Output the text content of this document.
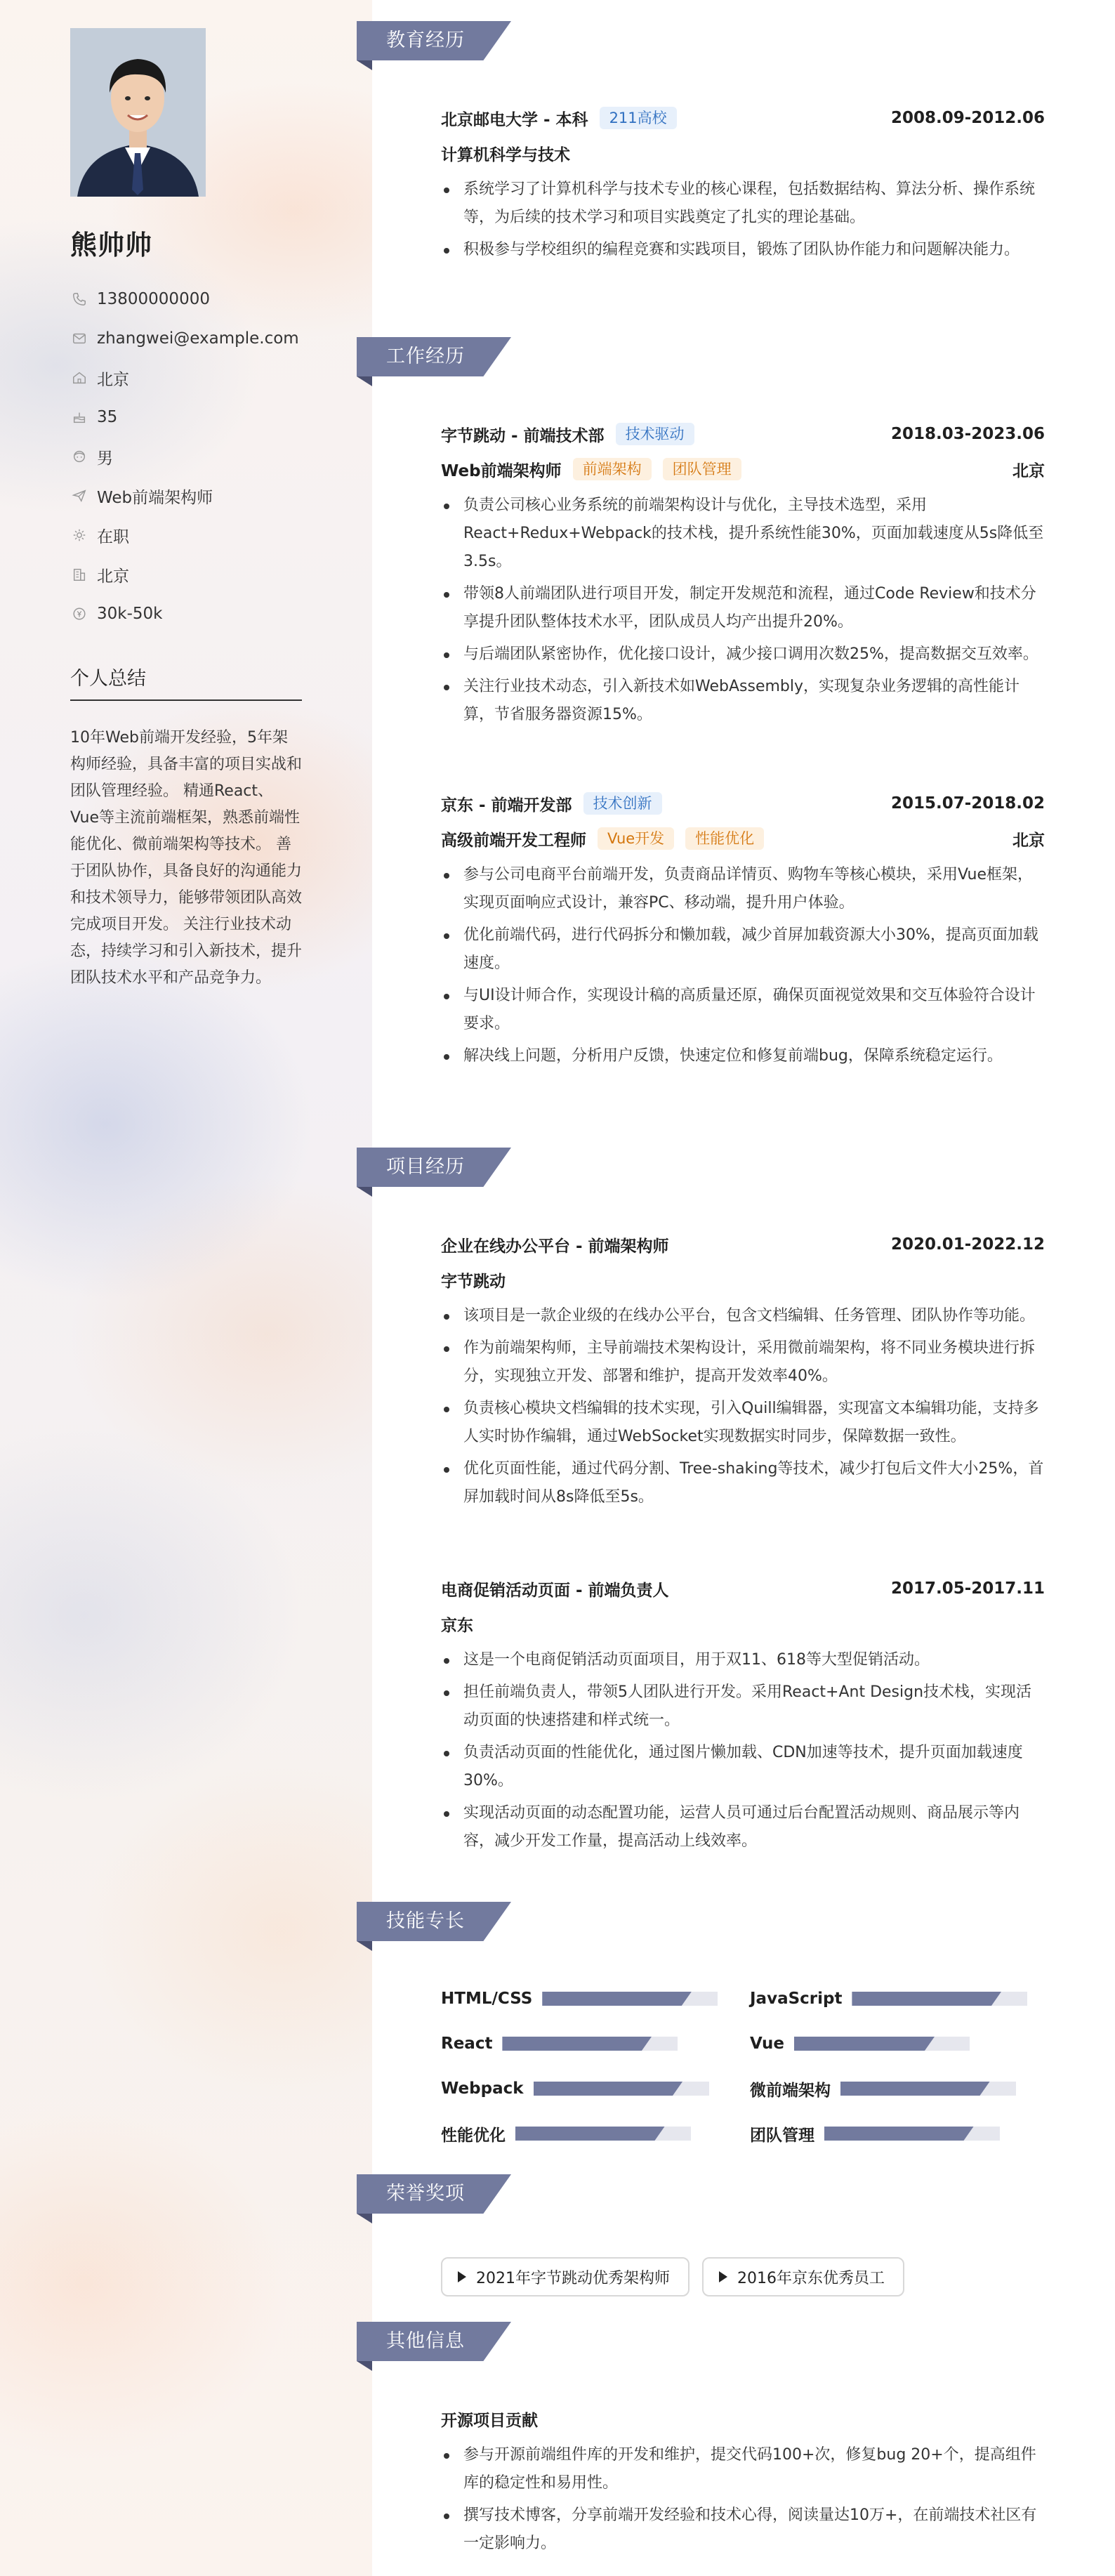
熊帅帅
13800000000
zhangwei@example.com
北京
35
男
Web前端架构师
在职
北京
30k-50k
个人总结
10年Web前端开发经验，5年架构师经验，具备丰富的项目实战和团队管理经验。 精通React、Vue等主流前端框架，熟悉前端性能优化、微前端架构等技术。 善于团队协作，具备良好的沟通能力和技术领导力，能够带领团队高效完成项目开发。 关注行业技术动态，持续学习和引入新技术，提升团队技术水平和产品竞争力。
教育经历
北京邮电大学 - 本科	211高校	2008.09-2012.06
计算机科学与技术
系统学习了计算机科学与技术专业的核心课程，包括数据结构、算法分析、操作系统等，为后续的技术学习和项目实践奠定了扎实的理论基础。
积极参与学校组织的编程竞赛和实践项目，锻炼了团队协作能力和问题解决能力。
工作经历
字节跳动 - 前端技术部	技术驱动	2018.03-2023.06
Web前端架构师	前端架构	团队管理	北京
负责公司核心业务系统的前端架构设计与优化，主导技术选型，采用React+Redux+Webpack的技术栈，提升系统性能30%，页面加载速度从5s降低至3.5s。
带领8人前端团队进行项目开发，制定开发规范和流程，通过Code Review和技术分享提升团队整体技术水平，团队成员人均产出提升20%。
与后端团队紧密协作，优化接口设计，减少接口调用次数25%，提高数据交互效率。
关注行业技术动态，引入新技术如WebAssembly，实现复杂业务逻辑的高性能计算，节省服务器资源15%。
京东 - 前端开发部	技术创新	2015.07-2018.02
高级前端开发工程师	Vue开发	性能优化	北京
参与公司电商平台前端开发，负责商品详情页、购物车等核心模块，采用Vue框架，实现页面响应式设计，兼容PC、移动端，提升用户体验。
优化前端代码，进行代码拆分和懒加载，减少首屏加载资源大小30%，提高页面加载速度。
与UI设计师合作，实现设计稿的高质量还原，确保页面视觉效果和交互体验符合设计要求。
解决线上问题，分析用户反馈，快速定位和修复前端bug，保障系统稳定运行。
项目经历
企业在线办公平台 - 前端架构师	2020.01-2022.12
字节跳动
该项目是一款企业级的在线办公平台，包含文档编辑、任务管理、团队协作等功能。
作为前端架构师，主导前端技术架构设计，采用微前端架构，将不同业务模块进行拆分，实现独立开发、部署和维护，提高开发效率40%。
负责核心模块文档编辑的技术实现，引入Quill编辑器，实现富文本编辑功能，支持多人实时协作编辑，通过WebSocket实现数据实时同步，保障数据一致性。
优化页面性能，通过代码分割、Tree-shaking等技术，减少打包后文件大小25%，首屏加载时间从8s降低至5s。
电商促销活动页面 - 前端负责人	2017.05-2017.11
京东
这是一个电商促销活动页面项目，用于双11、618等大型促销活动。
担任前端负责人，带领5人团队进行开发。采用React+Ant Design技术栈，实现活动页面的快速搭建和样式统一。
负责活动页面的性能优化，通过图片懒加载、CDN加速等技术，提升页面加载速度30%。
实现活动页面的动态配置功能，运营人员可通过后台配置活动规则、商品展示等内容，减少开发工作量，提高活动上线效率。
技能专长
HTML/CSS	JavaScript
React	Vue
Webpack	微前端架构
性能优化	团队管理
荣誉奖项
2021年字节跳动优秀架构师	2016年京东优秀员工
其他信息
开源项目贡献
参与开源前端组件库的开发和维护，提交代码100+次，修复bug 20+个，提高组件库的稳定性和易用性。
撰写技术博客，分享前端开发经验和技术心得，阅读量达10万+，在前端技术社区有一定影响力。
